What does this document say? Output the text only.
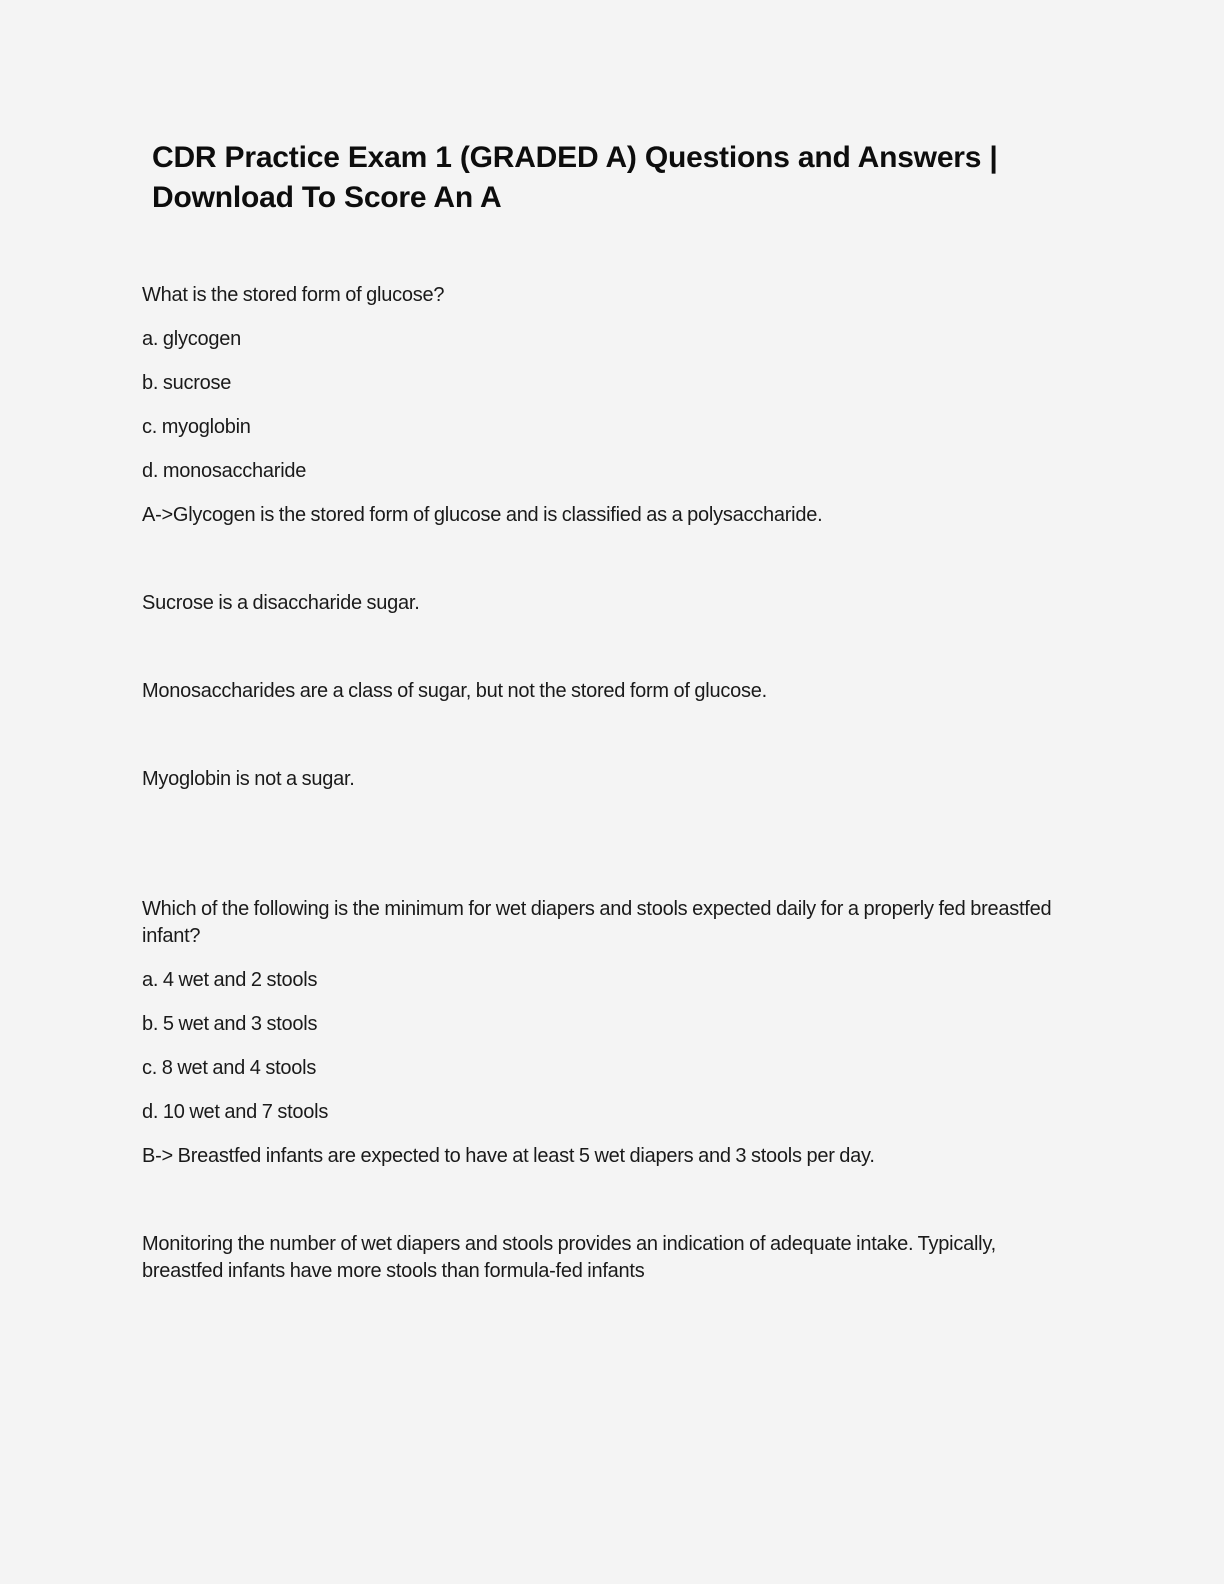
CDR Practice Exam 1 (GRADED A) Questions and Answers | Download To Score An A

What is the stored form of glucose?

a. glycogen

b. sucrose

c. myoglobin

d. monosaccharide

A->Glycogen is the stored form of glucose and is classified as a polysaccharide.

Sucrose is a disaccharide sugar.

Monosaccharides are a class of sugar, but not the stored form of glucose.

Myoglobin is not a sugar.

Which of the following is the minimum for wet diapers and stools expected daily for a properly fed breastfed infant?

a. 4 wet and 2 stools

b. 5 wet and 3 stools

c. 8 wet and 4 stools

d. 10 wet and 7 stools

B-> Breastfed infants are expected to have at least 5 wet diapers and 3 stools per day.

Monitoring the number of wet diapers and stools provides an indication of adequate intake. Typically, breastfed infants have more stools than formula-fed infants
